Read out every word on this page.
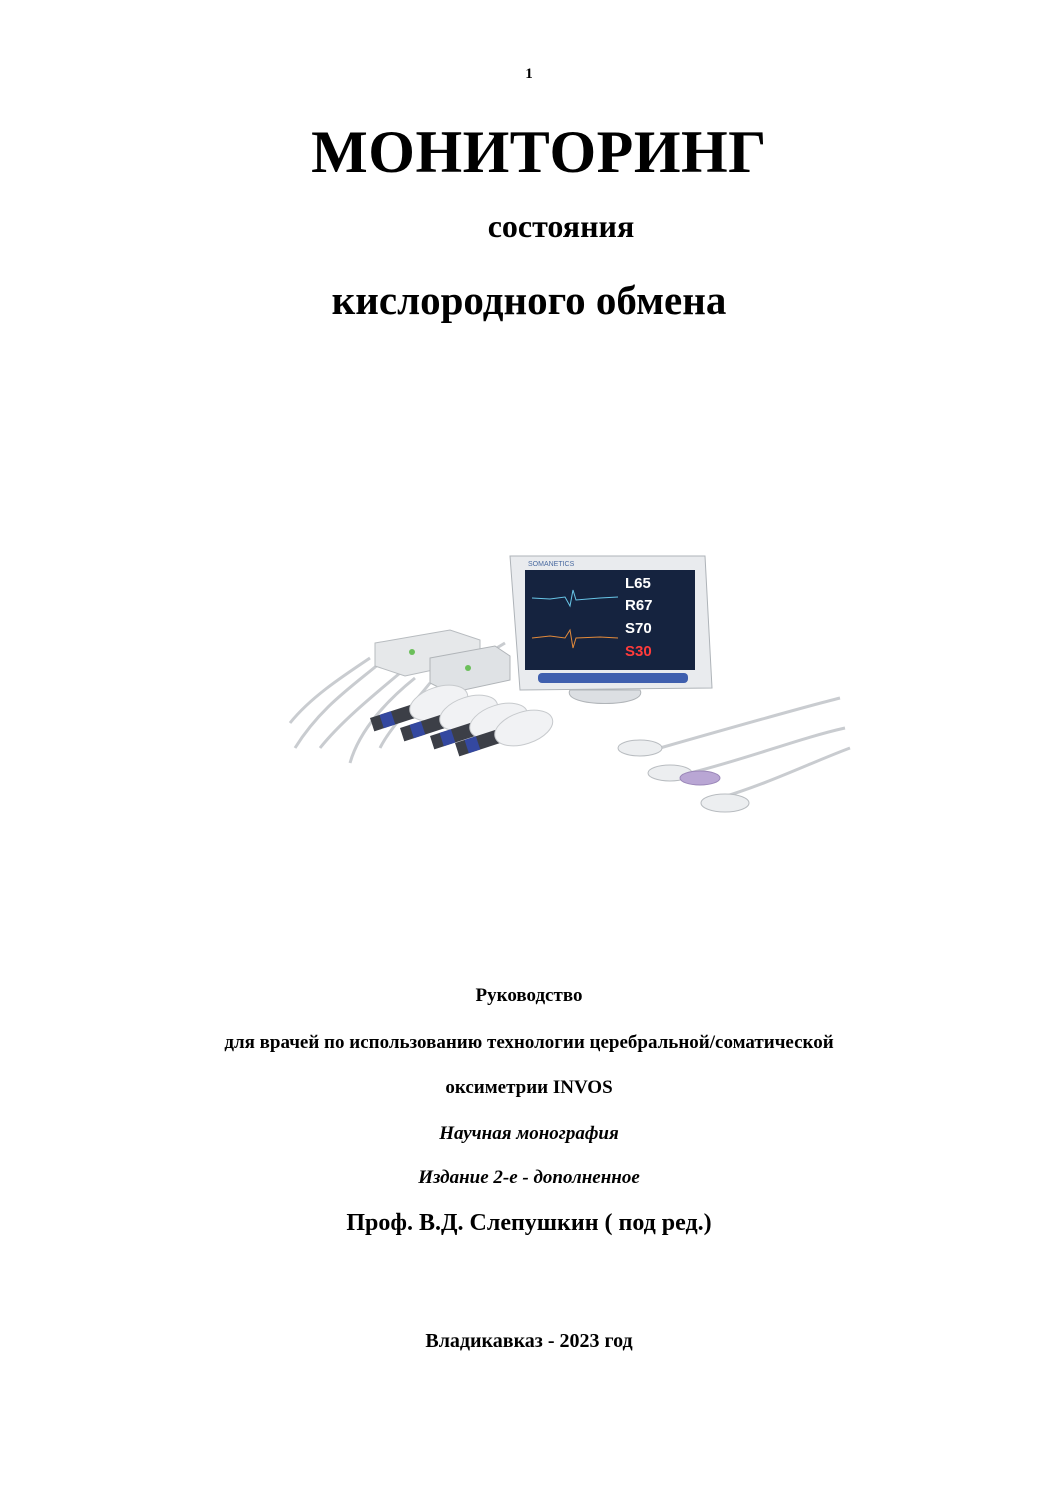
1
МОНИТОРИНГ
состояния
кислородного обмена
SOMANETICS
L65
R67
S70
S30
Руководство
для врачей по использованию технологии церебральной/соматической
оксиметрии INVOS
Научная монография
Издание 2-е - дополненное
Проф. В.Д. Слепушкин ( под ред.)
Владикавказ - 2023 год
